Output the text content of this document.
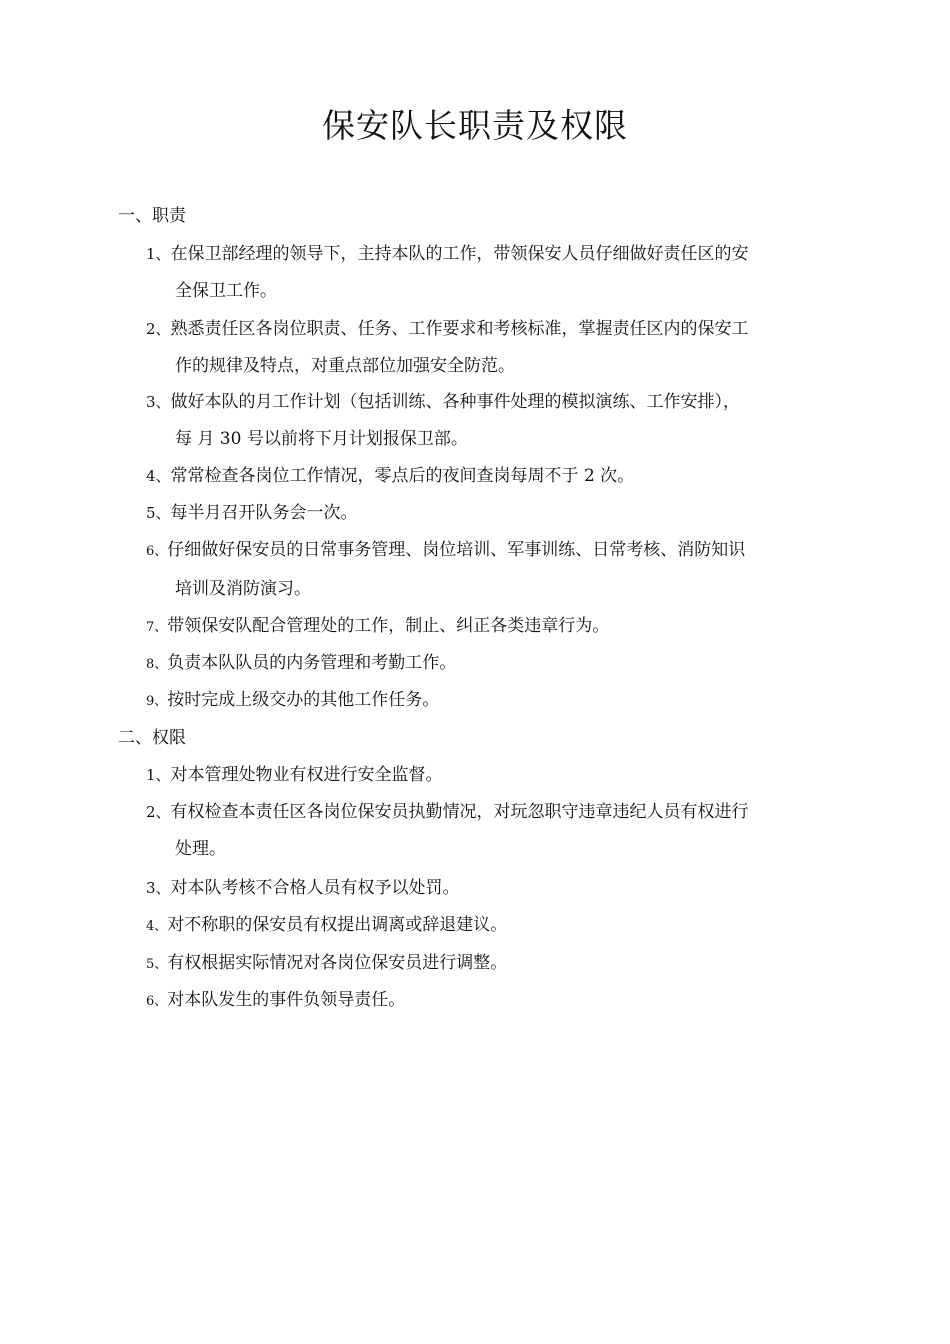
保安队长职责及权限
一、职责
1、在保卫部经理的领导下，主持本队的工作，带领保安人员仔细做好责任区的安
全保卫工作。
2、熟悉责任区各岗位职责、任务、工作要求和考核标准，掌握责任区内的保安工
作的规律及特点，对重点部位加强安全防范。
3、做好本队的月工作计划（包括训练、各种事件处理的模拟演练、工作安排），
每 月 30 号以前将下月计划报保卫部。
4、常常检查各岗位工作情况，零点后的夜间查岗每周不于 2 次。
5、每半月召开队务会一次。
6、仔细做好保安员的日常事务管理、岗位培训、军事训练、日常考核、消防知识
培训及消防演习。
7、带领保安队配合管理处的工作，制止、纠正各类违章行为。
8、负责本队队员的内务管理和考勤工作。
9、按时完成上级交办的其他工作任务。
二、权限
1、对本管理处物业有权进行安全监督。
2、有权检查本责任区各岗位保安员执勤情况，对玩忽职守违章违纪人员有权进行
处理。
3、对本队考核不合格人员有权予以处罚。
4、对不称职的保安员有权提出调离或辞退建议。
5、有权根据实际情况对各岗位保安员进行调整。
6、对本队发生的事件负领导责任。
